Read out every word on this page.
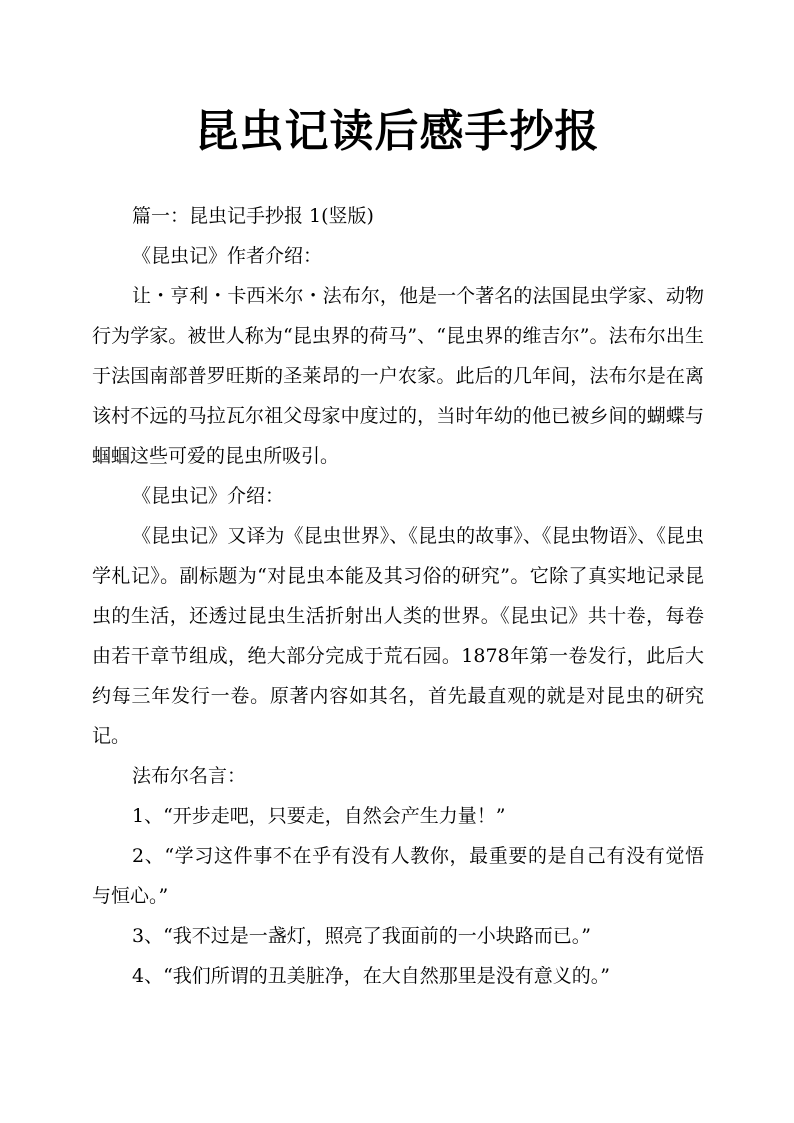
昆虫记读后感手抄报

篇一：昆虫记手抄报 1(竖版)

《昆虫记》作者介绍：

让・亨利・卡西米尔・法布尔，他是一个著名的法国昆虫学家、动物行为学家。被世人称为“昆虫界的荷马”、“昆虫界的维吉尔”。法布尔出生于法国南部普罗旺斯的圣莱昂的一户农家。此后的几年间，法布尔是在离该村不远的马拉瓦尔祖父母家中度过的，当时年幼的他已被乡间的蝴蝶与蝈蝈这些可爱的昆虫所吸引。

《昆虫记》介绍：

《昆虫记》又译为《昆虫世界》、《昆虫的故事》、《昆虫物语》、《昆虫学札记》。副标题为“对昆虫本能及其习俗的研究”。它除了真实地记录昆虫的生活，还透过昆虫生活折射出人类的世界。《昆虫记》共十卷，每卷由若干章节组成，绝大部分完成于荒石园。1878年第一卷发行，此后大约每三年发行一卷。原著内容如其名，首先最直观的就是对昆虫的研究记。

法布尔名言：

1、“开步走吧，只要走，自然会产生力量！”

2、“学习这件事不在乎有没有人教你，最重要的是自己有没有觉悟与恒心。”

3、“我不过是一盏灯，照亮了我面前的一小块路而已。”

4、“我们所谓的丑美脏净，在大自然那里是没有意义的。”
